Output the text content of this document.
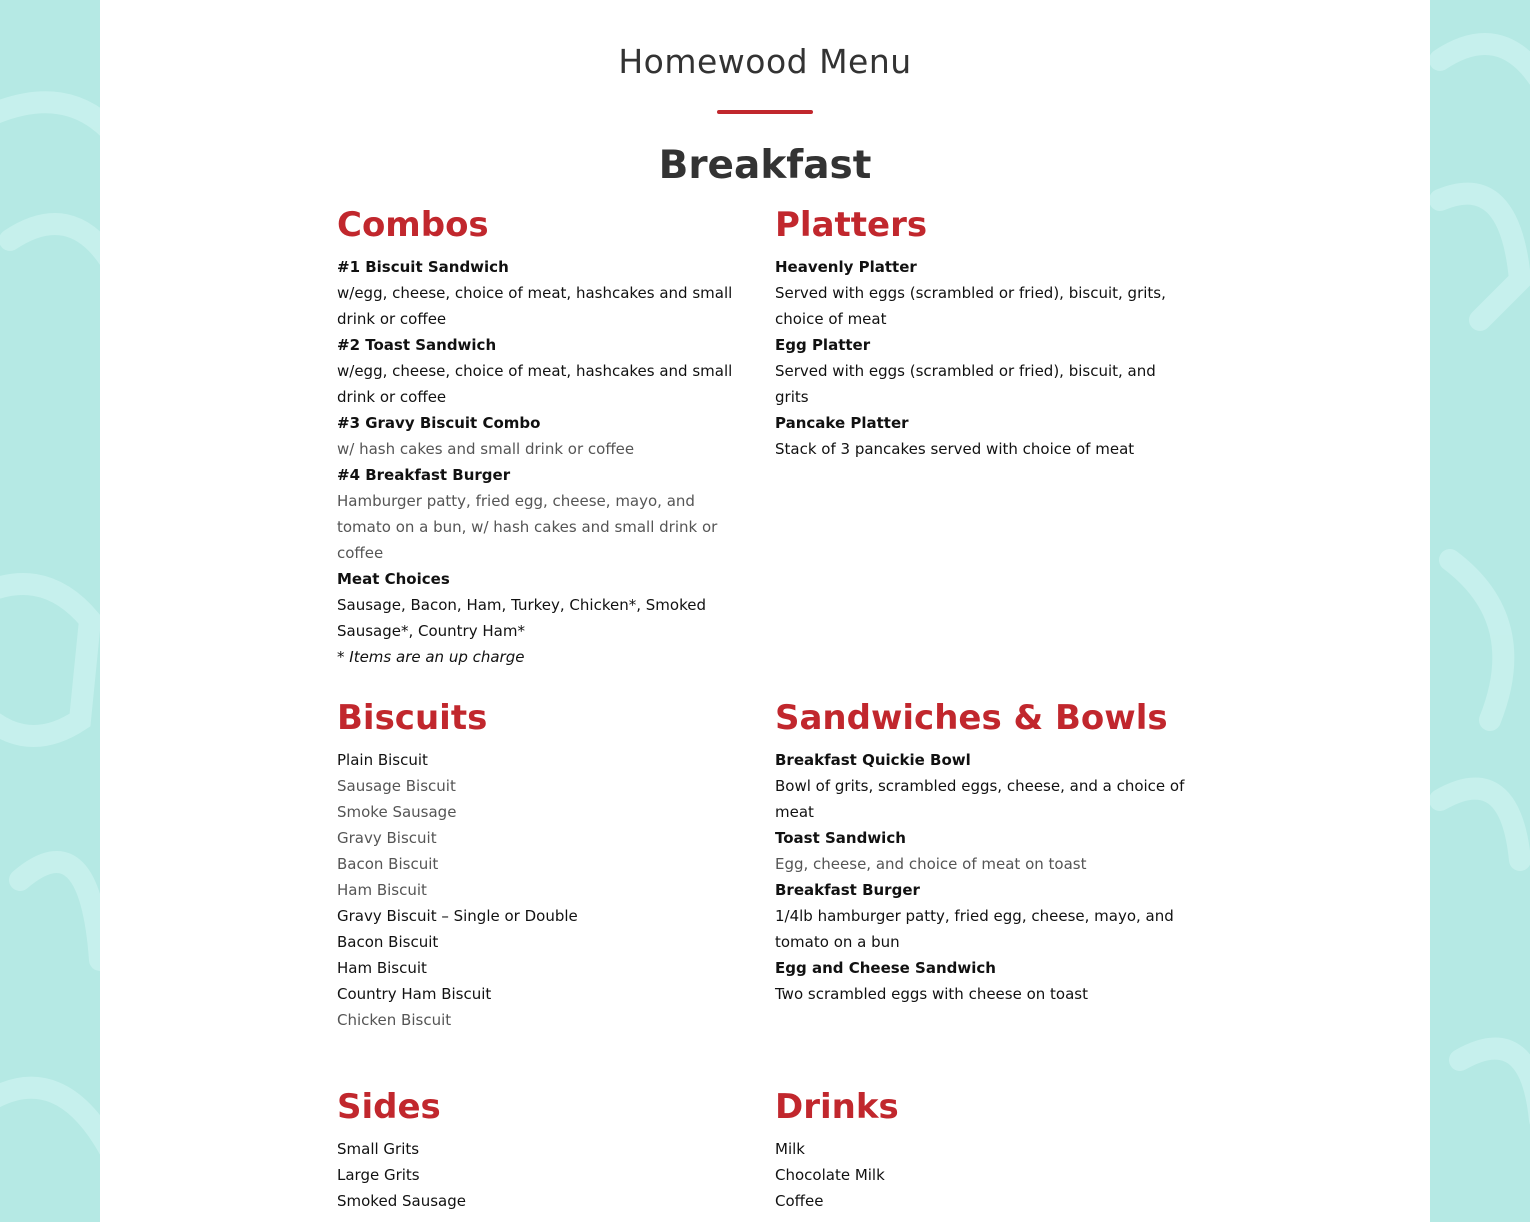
Homewood Menu
Breakfast
Combos
#1 Biscuit Sandwich
w/egg, cheese, choice of meat, hashcakes and small drink or coffee
#2 Toast Sandwich
w/egg, cheese, choice of meat, hashcakes and small drink or coffee
#3 Gravy Biscuit Combo
w/ hash cakes and small drink or coffee
#4 Breakfast Burger
Hamburger patty, fried egg, cheese, mayo, and tomato on a bun, w/ hash cakes and small drink or coffee
Meat Choices
Sausage, Bacon, Ham, Turkey, Chicken*, Smoked Sausage*, Country Ham*
* Items are an up charge
Platters
Heavenly Platter
Served with eggs (scrambled or fried), biscuit, grits, choice of meat
Egg Platter
Served with eggs (scrambled or fried), biscuit, and grits
Pancake Platter
Stack of 3 pancakes served with choice of meat
Biscuits
Plain Biscuit
Sausage Biscuit
Smoke Sausage
Gravy Biscuit
Bacon Biscuit
Ham Biscuit
Gravy Biscuit – Single or Double
Bacon Biscuit
Ham Biscuit
Country Ham Biscuit
Chicken Biscuit
Sandwiches & Bowls
Breakfast Quickie Bowl
Bowl of grits, scrambled eggs, cheese, and a choice of meat
Toast Sandwich
Egg, cheese, and choice of meat on toast
Breakfast Burger
1/4lb hamburger patty, fried egg, cheese, mayo, and tomato on a bun
Egg and Cheese Sandwich
Two scrambled eggs with cheese on toast
Sides
Small Grits
Large Grits
Smoked Sausage
Drinks
Milk
Chocolate Milk
Coffee
